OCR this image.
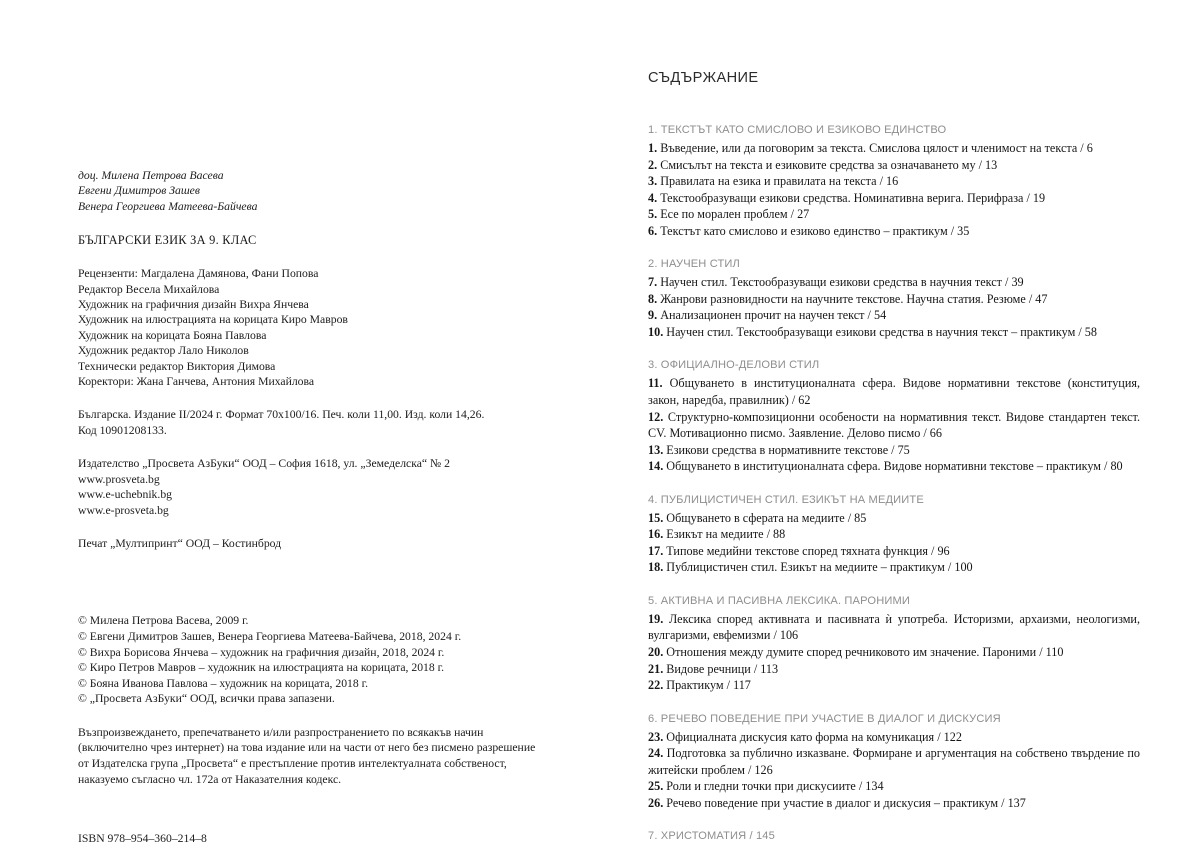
доц. Милена Петрова Васева
Евгени Димитров Зашев
Венера Георгиева Матеева-Байчева
БЪЛГАРСКИ ЕЗИК ЗА 9. КЛАС
Рецензенти: Магдалена Дамянова, Фани Попова
Редактор Весела Михайлова
Художник на графичния дизайн Вихра Янчева
Художник на илюстрацията на корицата Киро Мавров
Художник на корицата Бояна Павлова
Художник редактор Лало Николов
Технически редактор Виктория Димова
Коректори: Жана Ганчева, Антония Михайлова
Българска. Издание II/2024 г. Формат 70х100/16. Печ. коли 11,00. Изд. коли 14,26.
Код 10901208133.
Издателство „Просвета АзБуки“ ООД – София 1618, ул. „Земеделска“ № 2
www.prosveta.bg
www.e-uchebnik.bg
www.e-prosveta.bg
Печат „Мултипринт“ ООД – Костинброд
© Милена Петрова Васева, 2009 г.
© Евгени Димитров Зашев, Венера Георгиева Матеева-Байчева, 2018, 2024 г.
© Вихра Борисова Янчева – художник на графичния дизайн, 2018, 2024 г.
© Киро Петров Мавров – художник на илюстрацията на корицата, 2018 г.
© Бояна Иванова Павлова – художник на корицата, 2018 г.
© „Просвета АзБуки“ ООД, всички права запазени.
Възпроизвеждането, препечатването и/или разпространението по всякакъв начин (включително чрез интернет) на това издание или на части от него без писмено разрешение от Издателска група „Просвета“ е престъпление против интелектуалната собственост, наказуемо съгласно чл. 172а от Наказателния кодекс.
ISBN 978–954–360–214–8
СЪДЪРЖАНИЕ
1. ТЕКСТЪТ КАТО СМИСЛОВО И ЕЗИКОВО ЕДИНСТВО
1. Въведение, или да поговорим за текста. Смислова цялост и членимост на текста / 6
2. Смисълът на текста и езиковите средства за означаването му / 13
3. Правилата на езика и правилата на текста / 16
4. Текстообразуващи езикови средства. Номинативна верига. Перифраза / 19
5. Есе по морален проблем / 27
6. Текстът като смислово и езиково единство – практикум / 35
2. НАУЧЕН СТИЛ
7. Научен стил. Текстообразуващи езикови средства в научния текст / 39
8. Жанрови разновидности на научните текстове. Научна статия. Резюме / 47
9. Анализационен прочит на научен текст / 54
10. Научен стил. Текстообразуващи езикови средства в научния текст – практикум / 58
3. ОФИЦИАЛНО-ДЕЛОВИ СТИЛ
11. Общуването в институционалната сфера. Видове нормативни текстове (конституция, закон, наредба, правилник) / 62
12. Структурно-композиционни особености на нормативния текст. Видове стандартен текст. CV. Мотивационно писмо. Заявление. Делово писмо / 66
13. Езикови средства в нормативните текстове / 75
14. Общуването в институционалната сфера. Видове нормативни текстове – практикум / 80
4. ПУБЛИЦИСТИЧЕН СТИЛ. ЕЗИКЪТ НА МЕДИИТЕ
15. Общуването в сферата на медиите / 85
16. Езикът на медиите / 88
17. Типове медийни текстове според тяхната функция / 96
18. Публицистичен стил. Езикът на медиите – практикум / 100
5. АКТИВНА И ПАСИВНА ЛЕКСИКА. ПАРОНИМИ
19. Лексика според активната и пасивната ѝ употреба. Историзми, архаизми, неологизми, вулгаризми, евфемизми / 106
20. Отношения между думите според речниковото им значение. Пароними / 110
21. Видове речници / 113
22. Практикум / 117
6. РЕЧЕВО ПОВЕДЕНИЕ ПРИ УЧАСТИЕ В ДИАЛОГ И ДИСКУСИЯ
23. Официалната дискусия като форма на комуникация / 122
24. Подготовка за публично изказване. Формиране и аргументация на собствено твърдение по житейски проблем / 126
25. Роли и гледни точки при дискусиите / 134
26. Речево поведение при участие в диалог и дискусия – практикум / 137
7. ХРИСТОМАТИЯ / 145
